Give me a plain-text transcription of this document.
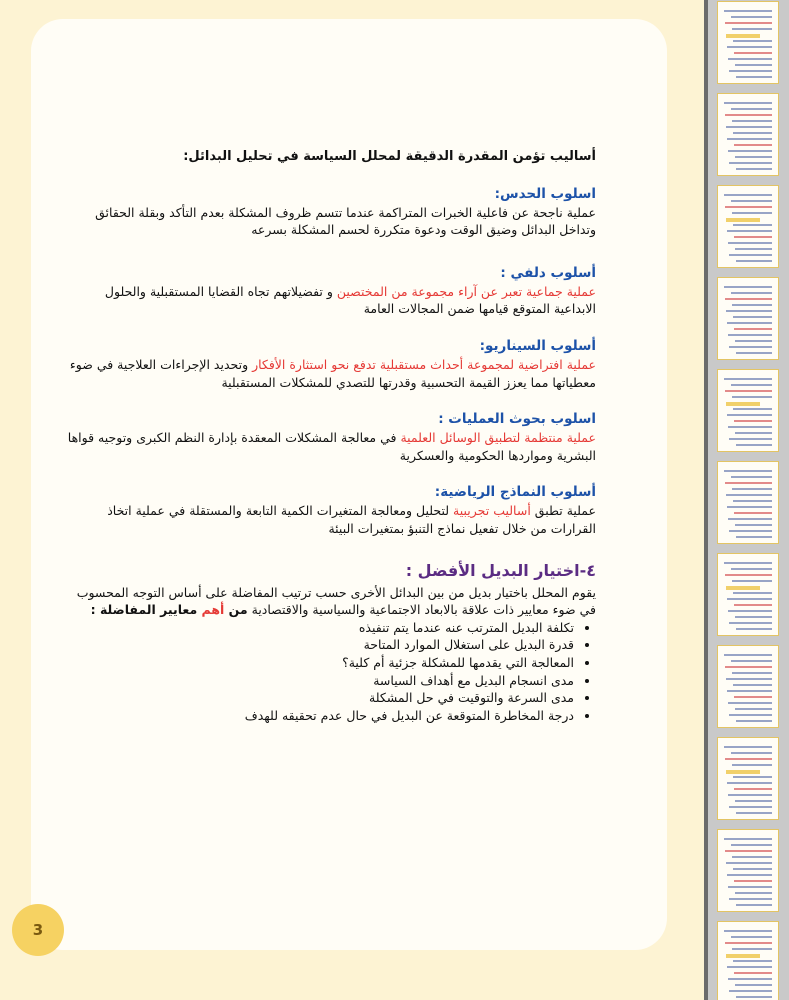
أساليب تؤمن المقدرة الدقيقة لمحلل السياسة في تحليل البدائل:

اسلوب الحدس:

عملية ناجحة عن فاعلية الخبرات المتراكمة عندما تتسم ظروف المشكلة بعدم التأكد وبقلة الحقائق وتداخل البدائل وضيق الوقت ودعوة متكررة لحسم المشكلة بسرعه

أسلوب دلفي :

عملية جماعية تعبر عن آراء مجموعة من المختصين و تفضيلاتهم تجاه القضايا المستقبلية والحلول الابداعية المتوقع قيامها ضمن المجالات العامة

أسلوب السيناريو:

عملية افتراضية لمجموعة أحداث مستقبلية تدفع نحو استثارة الأفكار وتحديد الإجراءات العلاجية في ضوء معطياتها مما يعزز القيمة التحسبية وقدرتها للتصدي للمشكلات المستقبلية

اسلوب بحوث العمليات :

عملية منتظمة لتطبيق الوسائل العلمية في معالجة المشكلات المعقدة بإدارة النظم الكبرى وتوجيه قواها البشرية ومواردها الحكومية والعسكرية

أسلوب النماذج الرياضية:

عملية تطبق أساليب تجريبية لتحليل ومعالجة المتغيرات الكمية التابعة والمستقلة في عملية اتخاذ القرارات من خلال تفعيل نماذج التنبؤ بمتغيرات البيئة

٤-اختيار البديل الأفضل :

يقوم المحلل باختيار بديل من بين البدائل الأخرى حسب ترتيب المفاضلة على أساس التوجه المحسوب في ضوء معايير ذات علاقة بالابعاد الاجتماعية والسياسية والاقتصادية من أهم معايير المفاضلة :

• تكلفة البديل المترتب عنه عندما يتم تنفيذه
• قدرة البديل على استغلال الموارد المتاحة
• المعالجة التي يقدمها للمشكلة جزئية أم كلية؟
• مدى انسجام البديل مع أهداف السياسة
• مدى السرعة والتوقيت في حل المشكلة
• درجة المخاطرة المتوقعة عن البديل في حال عدم تحقيقه للهدف
3
